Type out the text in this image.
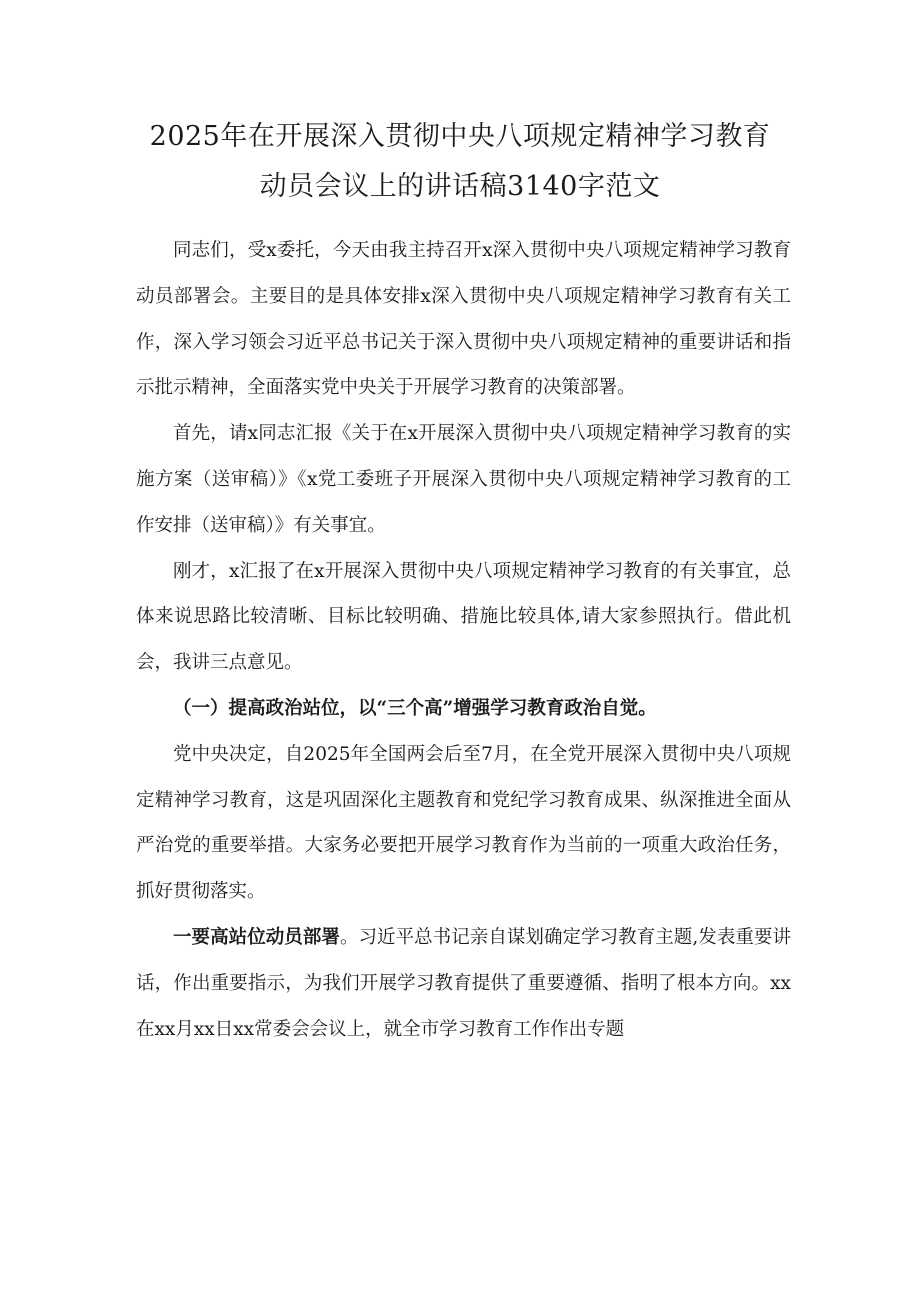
2025年在开展深入贯彻中央八项规定精神学习教育
动员会议上的讲话稿3140字范文

同志们，受x委托，今天由我主持召开x深入贯彻中央八项规定精神学习教育动员部署会。主要目的是具体安排x深入贯彻中央八项规定精神学习教育有关工作，深入学习领会习近平总书记关于深入贯彻中央八项规定精神的重要讲话和指示批示精神，全面落实党中央关于开展学习教育的决策部署。

首先，请x同志汇报《关于在x开展深入贯彻中央八项规定精神学习教育的实施方案（送审稿）》《x党工委班子开展深入贯彻中央八项规定精神学习教育的工作安排（送审稿）》有关事宜。

刚才，x汇报了在x开展深入贯彻中央八项规定精神学习教育的有关事宜，总体来说思路比较清晰、目标比较明确、措施比较具体,请大家参照执行。借此机会，我讲三点意见。

（一）提高政治站位，以“三个高”增强学习教育政治自觉。

党中央决定，自2025年全国两会后至7月，在全党开展深入贯彻中央八项规定精神学习教育，这是巩固深化主题教育和党纪学习教育成果、纵深推进全面从严治党的重要举措。大家务必要把开展学习教育作为当前的一项重大政治任务，抓好贯彻落实。

一要高站位动员部署。习近平总书记亲自谋划确定学习教育主题,发表重要讲话，作出重要指示，为我们开展学习教育提供了重要遵循、指明了根本方向。xx在xx月xx日xx常委会会议上，就全市学习教育工作作出专题
